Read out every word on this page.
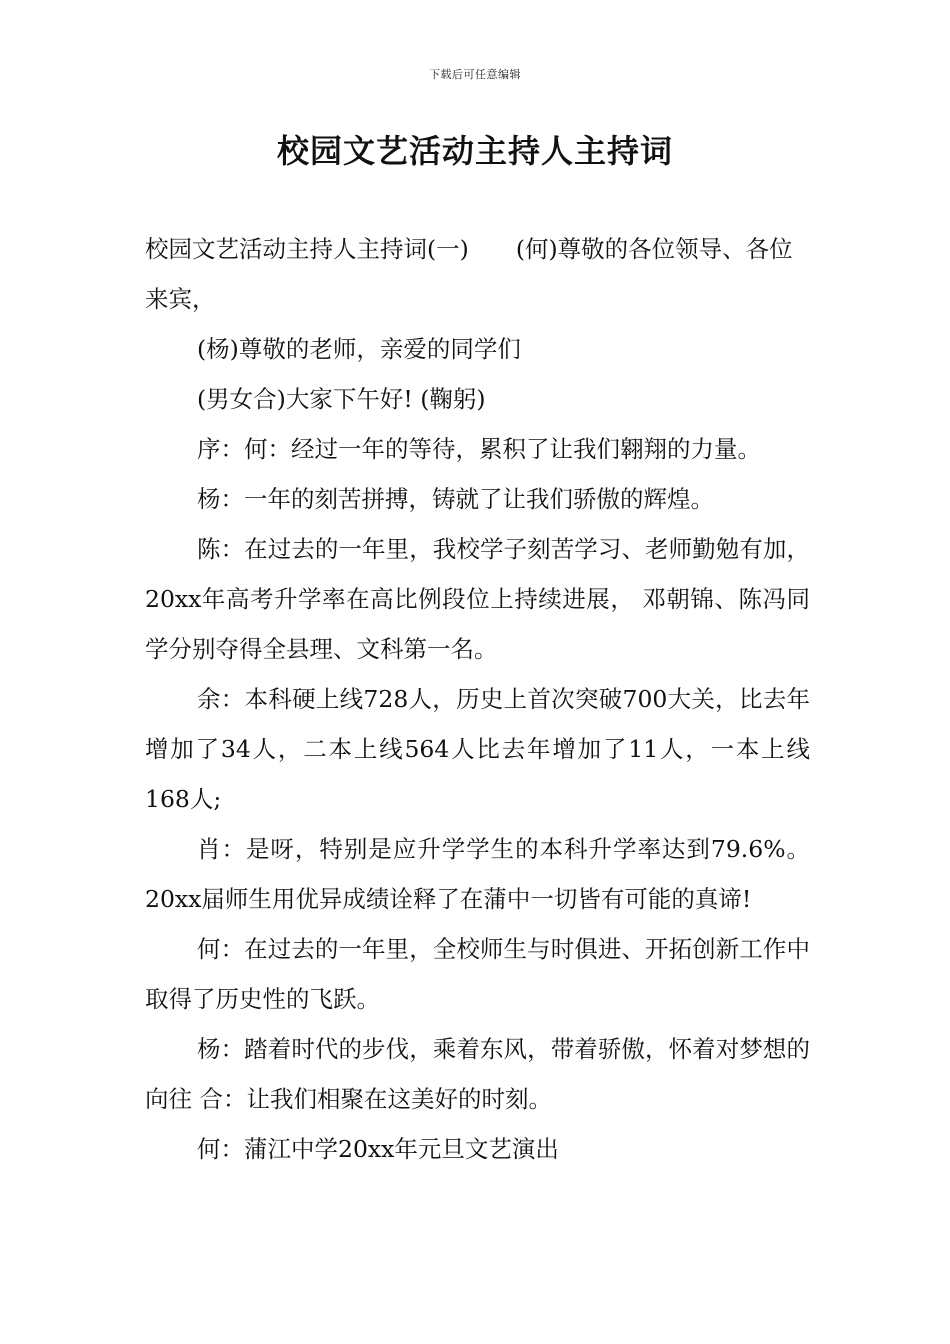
下载后可任意编辑
校园文艺活动主持人主持词

校园文艺活动主持人主持词(一)　　(何)尊敬的各位领导、各位来宾，

(杨)尊敬的老师，亲爱的同学们

(男女合)大家下午好! (鞠躬)

序：何：经过一年的等待，累积了让我们翱翔的力量。

杨：一年的刻苦拼搏，铸就了让我们骄傲的辉煌。

陈：在过去的一年里，我校学子刻苦学习、老师勤勉有加，20xx年高考升学率在高比例段位上持续进展， 邓朝锦、陈冯同学分别夺得全县理、文科第一名。

余：本科硬上线728人，历史上首次突破700大关，比去年增加了34人，二本上线564人比去年增加了11人，一本上线168人;

肖：是呀，特别是应升学学生的本科升学率达到79.6%。20xx届师生用优异成绩诠释了在蒲中一切皆有可能的真谛!

何：在过去的一年里，全校师生与时俱进、开拓创新工作中取得了历史性的飞跃。

杨：踏着时代的步伐，乘着东风，带着骄傲，怀着对梦想的向往 合：让我们相聚在这美好的时刻。

何：蒲江中学20xx年元旦文艺演出
